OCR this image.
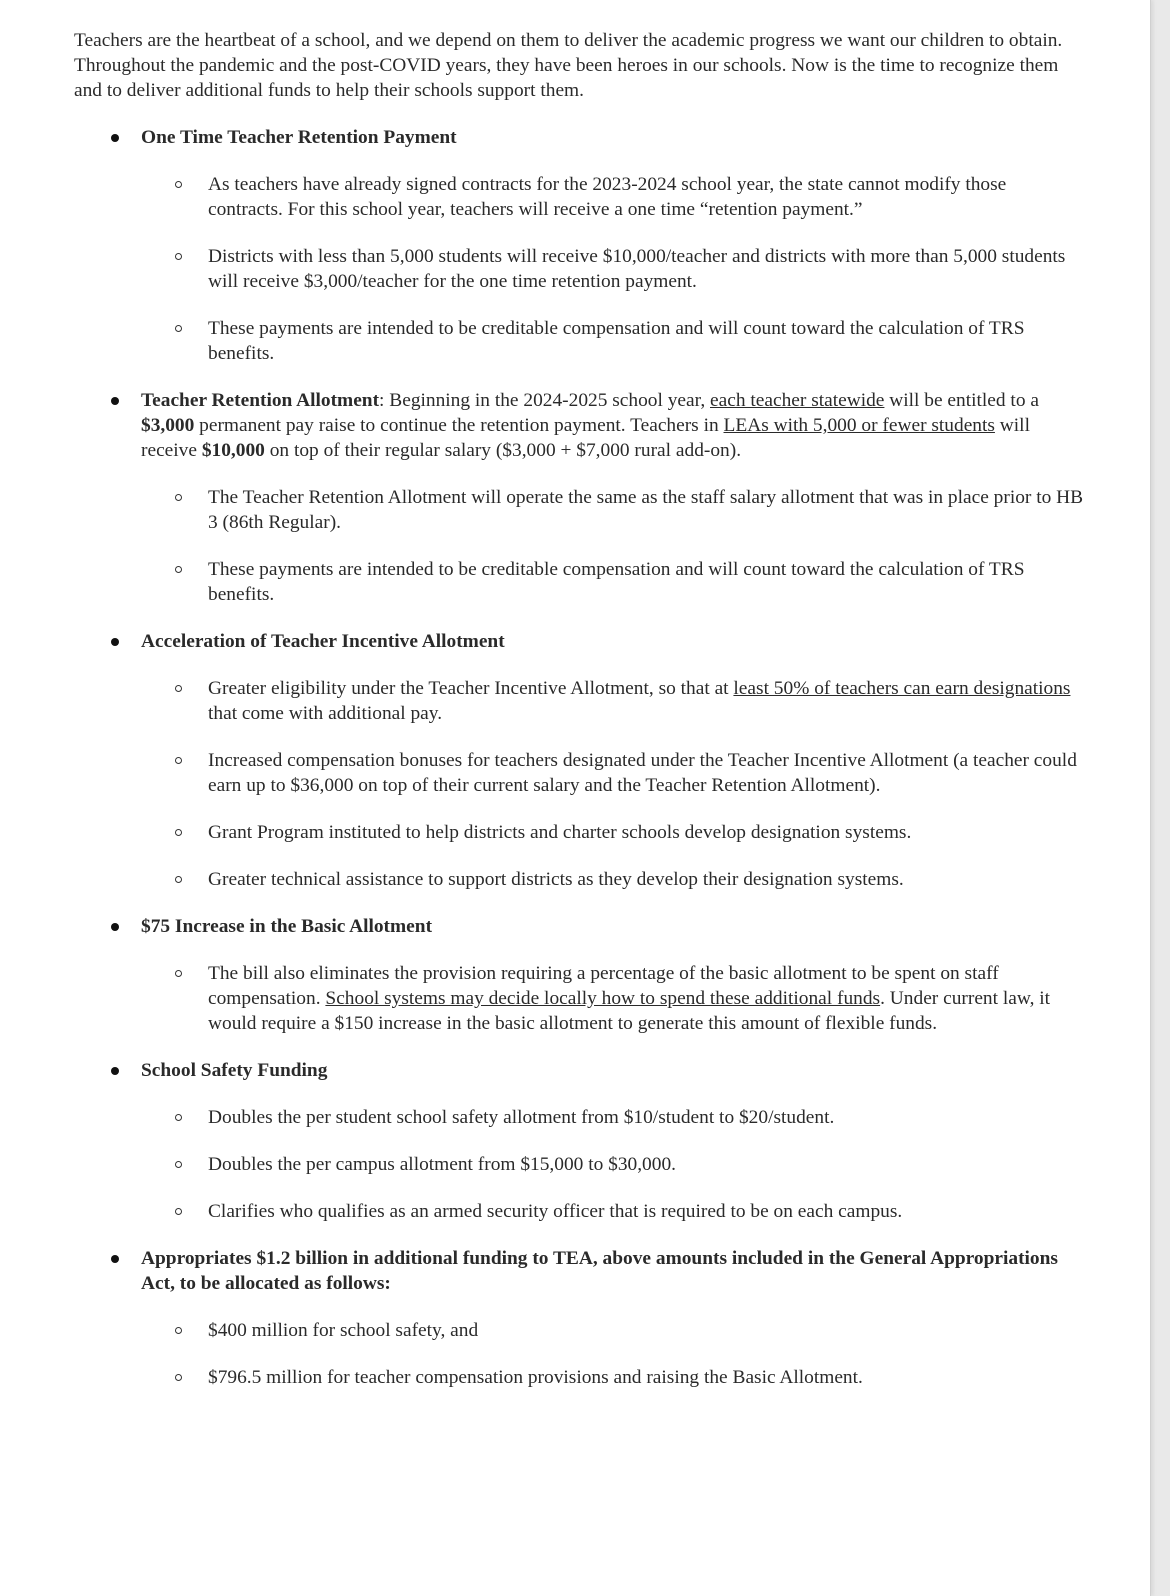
Teachers are the heartbeat of a school, and we depend on them to deliver the academic progress we want our children to obtain. Throughout the pandemic and the post-COVID years, they have been heroes in our schools. Now is the time to recognize them and to deliver additional funds to help their schools support them.

One Time Teacher Retention Payment

As teachers have already signed contracts for the 2023-2024 school year, the state cannot modify those contracts. For this school year, teachers will receive a one time “retention payment.”
Districts with less than 5,000 students will receive $10,000/teacher and districts with more than 5,000 students will receive $3,000/teacher for the one time retention payment.
These payments are intended to be creditable compensation and will count toward the calculation of TRS benefits.

Teacher Retention Allotment: Beginning in the 2024-2025 school year, each teacher statewide will be entitled to a $3,000 permanent pay raise to continue the retention payment. Teachers in LEAs with 5,000 or fewer students will receive $10,000 on top of their regular salary ($3,000 + $7,000 rural add-on).

The Teacher Retention Allotment will operate the same as the staff salary allotment that was in place prior to HB 3 (86th Regular).
These payments are intended to be creditable compensation and will count toward the calculation of TRS benefits.

Acceleration of Teacher Incentive Allotment

Greater eligibility under the Teacher Incentive Allotment, so that at least 50% of teachers can earn designations that come with additional pay.
Increased compensation bonuses for teachers designated under the Teacher Incentive Allotment (a teacher could earn up to $36,000 on top of their current salary and the Teacher Retention Allotment).
Grant Program instituted to help districts and charter schools develop designation systems.
Greater technical assistance to support districts as they develop their designation systems.

$75 Increase in the Basic Allotment

The bill also eliminates the provision requiring a percentage of the basic allotment to be spent on staff compensation. School systems may decide locally how to spend these additional funds. Under current law, it would require a $150 increase in the basic allotment to generate this amount of flexible funds.

School Safety Funding

Doubles the per student school safety allotment from $10/student to $20/student.
Doubles the per campus allotment from $15,000 to $30,000.
Clarifies who qualifies as an armed security officer that is required to be on each campus.

Appropriates $1.2 billion in additional funding to TEA, above amounts included in the General Appropriations Act, to be allocated as follows:

$400 million for school safety, and
$796.5 million for teacher compensation provisions and raising the Basic Allotment.
